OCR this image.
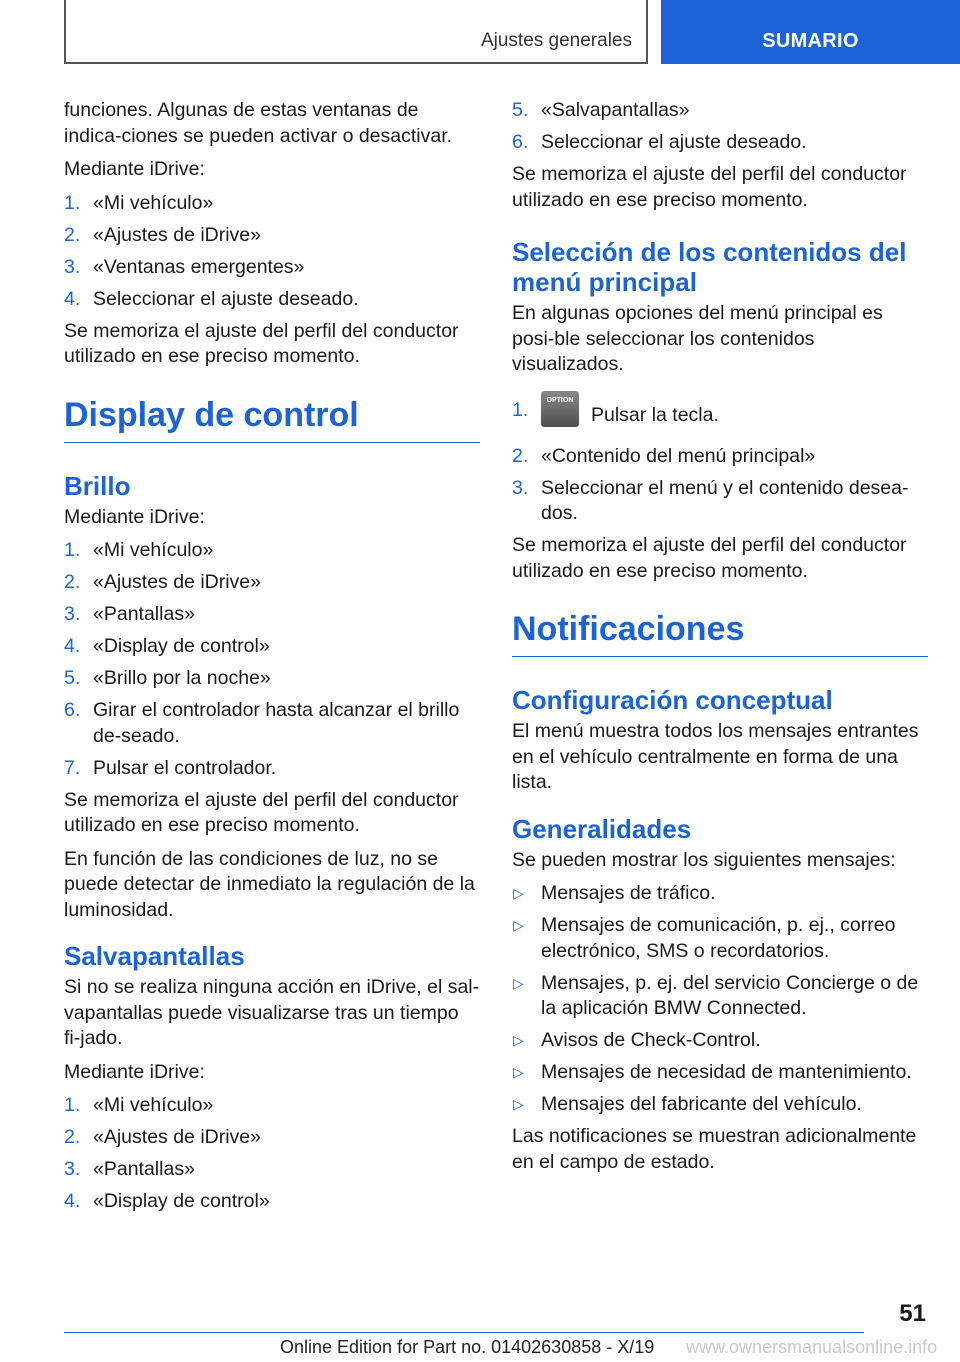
Ajustes generales	SUMARIO

funciones. Algunas de estas ventanas de indica-ciones se pueden activar o desactivar.

Mediante iDrive:

1. «Mi vehículo»
2. «Ajustes de iDrive»
3. «Ventanas emergentes»
4. Seleccionar el ajuste deseado.

Se memoriza el ajuste del perfil del conductor utilizado en ese preciso momento.

Display de control
Brillo

Mediante iDrive:

1. «Mi vehículo»
2. «Ajustes de iDrive»
3. «Pantallas»
4. «Display de control»
5. «Brillo por la noche»
6. Girar el controlador hasta alcanzar el brillo de-seado.
7. Pulsar el controlador.

Se memoriza el ajuste del perfil del conductor utilizado en ese preciso momento.

En función de las condiciones de luz, no se puede detectar de inmediato la regulación de la luminosidad.

Salvapantallas

Si no se realiza ninguna acción en iDrive, el sal-vapantallas puede visualizarse tras un tiempo fi-jado.

Mediante iDrive:

1. «Mi vehículo»
2. «Ajustes de iDrive»
3. «Pantallas»
4. «Display de control»
5. «Salvapantallas»
6. Seleccionar el ajuste deseado.

Se memoriza el ajuste del perfil del conductor utilizado en ese preciso momento.

Selección de los contenidos del menú principal

En algunas opciones del menú principal es posi-ble seleccionar los contenidos visualizados.

1.	OPTIONPulsar la tecla.
2. «Contenido del menú principal»
3. Seleccionar el menú y el contenido desea-dos.

Se memoriza el ajuste del perfil del conductor utilizado en ese preciso momento.

Notificaciones
Configuración conceptual

El menú muestra todos los mensajes entrantes en el vehículo centralmente en forma de una lista.

Generalidades

Se pueden mostrar los siguientes mensajes:

▷ Mensajes de tráfico.
▷ Mensajes de comunicación, p. ej., correo electrónico, SMS o recordatorios.
▷ Mensajes, p. ej. del servicio Concierge o de la aplicación BMW Connected.
▷ Avisos de Check-Control.
▷ Mensajes de necesidad de mantenimiento.
▷ Mensajes del fabricante del vehículo.

Las notificaciones se muestran adicionalmente en el campo de estado.

51
Online Edition for Part no. 01402630858 - X/19 www.ownersmanualsonline.info
